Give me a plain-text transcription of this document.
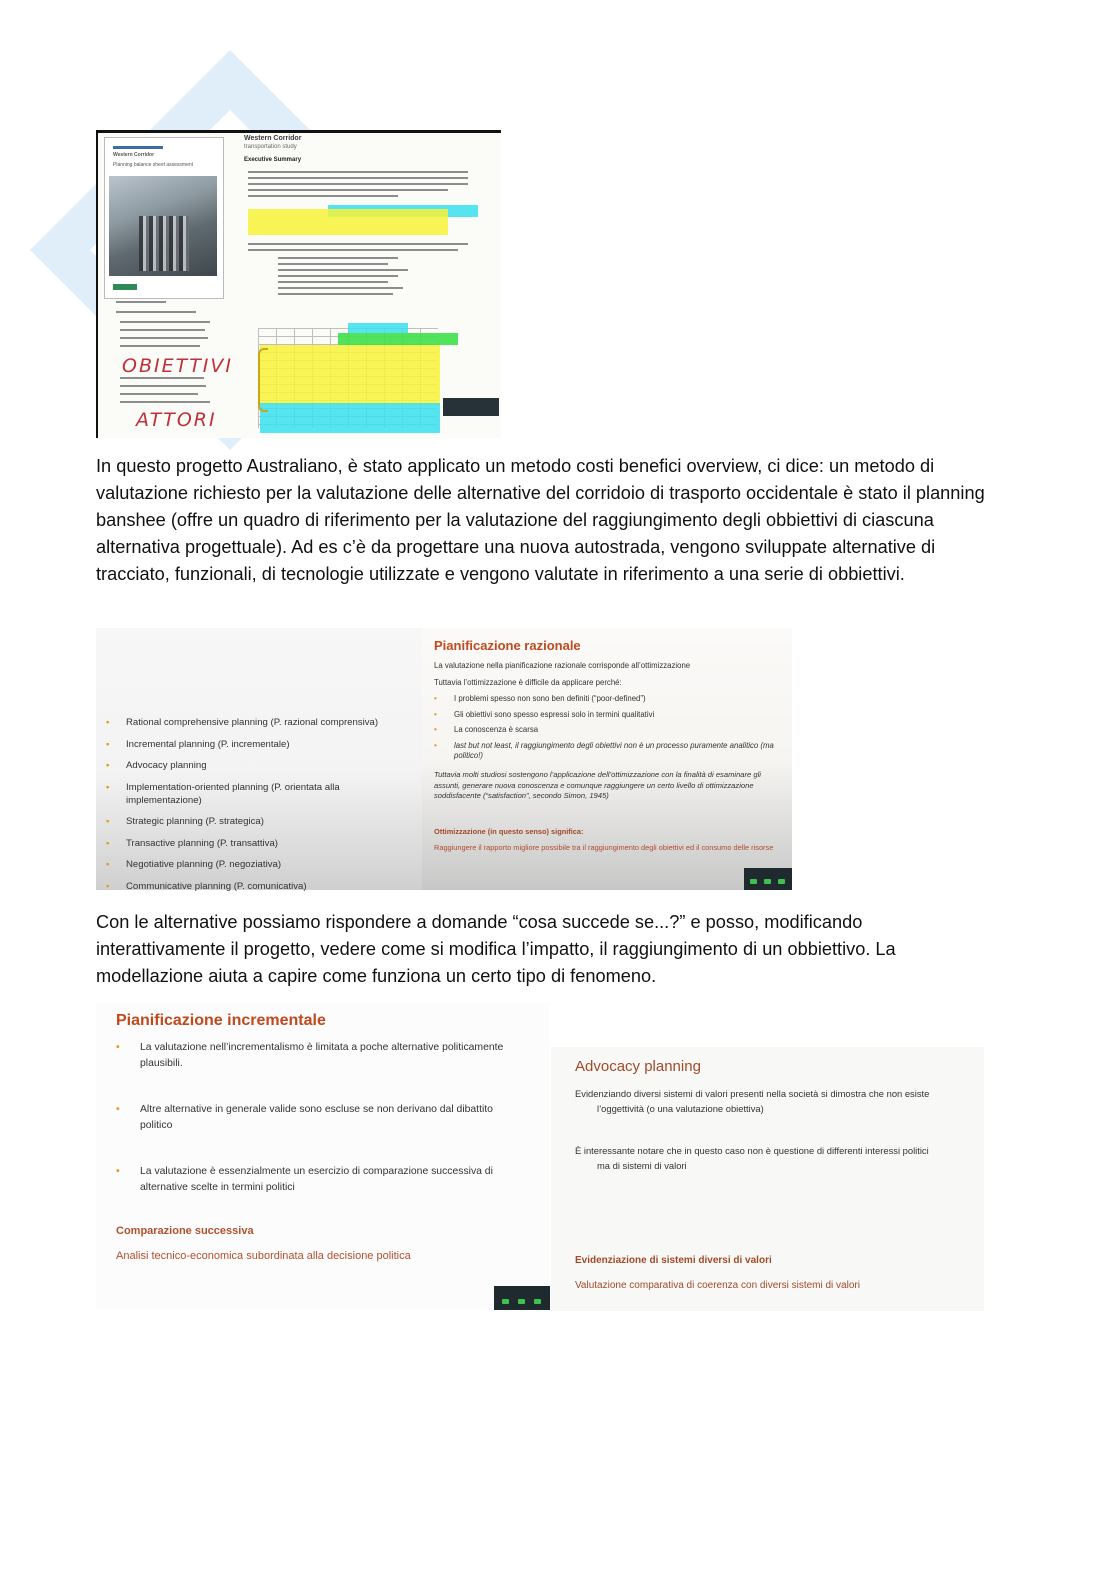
Western Corridor
Planning balance sheet assessment
Western Corridor
transportation study
Executive Summary
OBIETTIVI
ATTORI
In questo progetto Australiano, è stato applicato un metodo costi benefici overview, ci dice: un metodo di valutazione richiesto per la valutazione delle alternative del corridoio di trasporto occidentale è stato il planning banshee (offre un quadro di riferimento per la valutazione del raggiungimento degli obbiettivi di ciascuna alternativa progettuale). Ad es c’è da progettare una nuova autostrada, vengono sviluppate alternative di tracciato, funzionali, di tecnologie utilizzate e vengono valutate in riferimento a una serie di obbiettivi.
• Rational comprehensive planning (P. razional comprensiva)
• Incremental planning (P. incrementale)
• Advocacy planning
• Implementation-oriented planning (P. orientata alla implementazione)
• Strategic planning (P. strategica)
• Transactive planning (P. transattiva)
• Negotiative planning (P. negoziativa)
• Communicative planning (P. comunicativa)
Pianificazione razionale
La valutazione nella pianificazione razionale corrisponde all’ottimizzazione
Tuttavia l’ottimizzazione è difficile da applicare perché:
• I problemi spesso non sono ben definiti (“poor-defined”)
• Gli obiettivi sono spesso espressi solo in termini qualitativi
• La conoscenza è scarsa
• last but not least, il raggiungimento degli obiettivi non è un processo puramente analitico (ma politico!)
Tuttavia molti studiosi sostengono l’applicazione dell’ottimizzazione con la finalità di esaminare gli assunti, generare nuova conoscenza e comunque raggiungere un certo livello di ottimizzazione soddisfacente (“satisfaction”, secondo Simon, 1945)
Ottimizzazione (in questo senso) significa:
Raggiungere il rapporto migliore possibile tra il raggiungimento degli obiettivi ed il consumo delle risorse
Con le alternative possiamo rispondere a domande “cosa succede se...?” e posso, modificando interattivamente il progetto, vedere come si modifica l’impatto, il raggiungimento di un obbiettivo. La modellazione aiuta a capire come funziona un certo tipo di fenomeno.
Pianificazione incrementale
• La valutazione nell’incrementalismo è limitata a poche alternative politicamente plausibili.
• Altre alternative in generale valide sono escluse se non derivano dal dibattito politico
• La valutazione è essenzialmente un esercizio di comparazione successiva di alternative scelte in termini politici
Comparazione successiva
Analisi tecnico-economica subordinata alla decisione politica
Advocacy planning
Evidenziando diversi sistemi di valori presenti nella società si dimostra che non esiste
l’oggettività (o una valutazione obiettiva)
È interessante notare che in questo caso non è questione di differenti interessi politici
ma di sistemi di valori
Evidenziazione di sistemi diversi di valori
Valutazione comparativa di coerenza con diversi sistemi di valori
